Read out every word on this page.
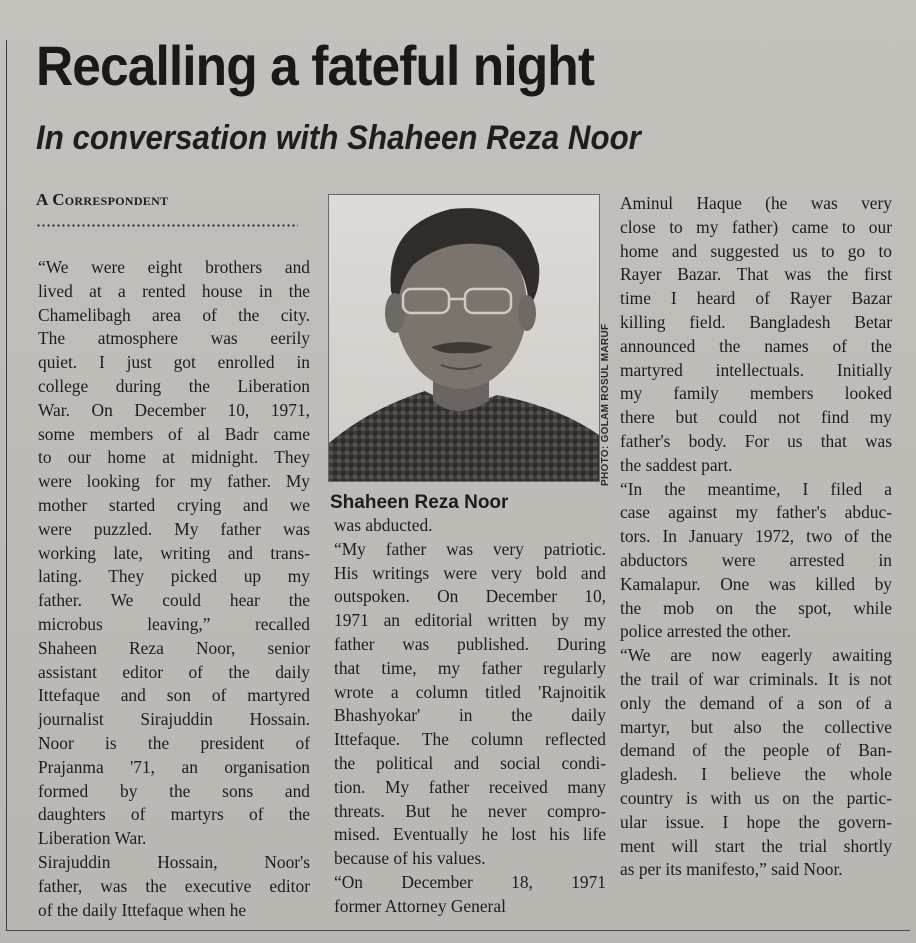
Recalling a fateful night
In conversation with Shaheen Reza Noor
A Correspondent
“We were eight brothers and
lived at a rented house in the
Chamelibagh area of the city.
The atmosphere was eerily
quiet. I just got enrolled in
college during the Liberation
War. On December 10, 1971,
some members of al Badr came
to our home at midnight. They
were looking for my father. My
mother started crying and we
were puzzled. My father was
working late, writing and trans-
lating. They picked up my
father. We could hear the
microbus leaving,” recalled
Shaheen Reza Noor, senior
assistant editor of the daily
Ittefaque and son of martyred
journalist Sirajuddin Hossain.
Noor is the president of
Prajanma '71, an organisation
formed by the sons and
daughters of martyrs of the
Liberation War.
Sirajuddin Hossain, Noor's
father, was the executive editor
of the daily Ittefaque when he
PHOTO: GOLAM ROSUL MARUF
Shaheen Reza Noor
was abducted.
“My father was very patriotic.
His writings were very bold and
outspoken. On December 10,
1971 an editorial written by my
father was published. During
that time, my father regularly
wrote a column titled 'Rajnoitik
Bhashyokar' in the daily
Ittefaque. The column reflected
the political and social condi-
tion. My father received many
threats. But he never compro-
mised. Eventually he lost his life
because of his values.
“On December 18, 1971
former Attorney General
Aminul Haque (he was very
close to my father) came to our
home and suggested us to go to
Rayer Bazar. That was the first
time I heard of Rayer Bazar
killing field. Bangladesh Betar
announced the names of the
martyred intellectuals. Initially
my family members looked
there but could not find my
father's body. For us that was
the saddest part.
“In the meantime, I filed a
case against my father's abduc-
tors. In January 1972, two of the
abductors were arrested in
Kamalapur. One was killed by
the mob on the spot, while
police arrested the other.
“We are now eagerly awaiting
the trail of war criminals. It is not
only the demand of a son of a
martyr, but also the collective
demand of the people of Ban-
gladesh. I believe the whole
country is with us on the partic-
ular issue. I hope the govern-
ment will start the trial shortly
as per its manifesto,” said Noor.
